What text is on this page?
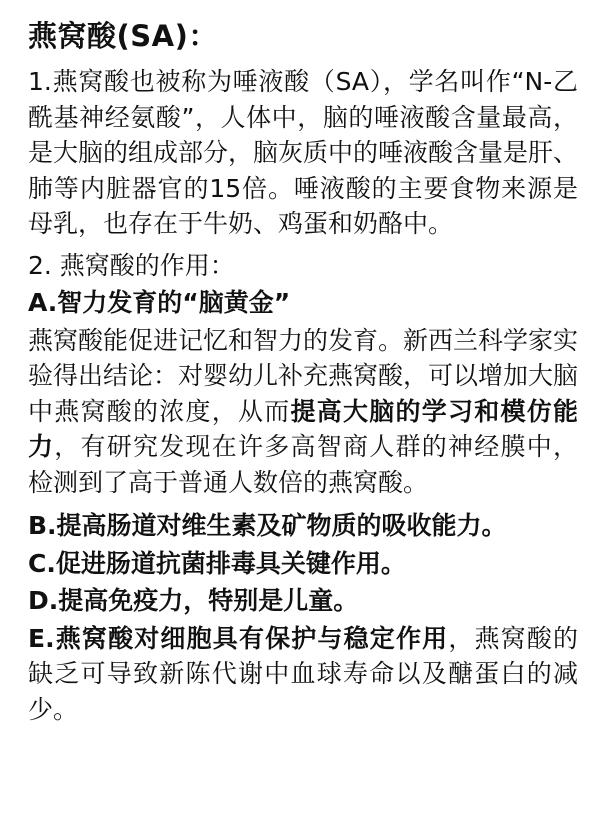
燕窝酸(SA)：

1.燕窝酸也被称为唾液酸（SA），学名叫作“N-乙酰基神经氨酸”，人体中，脑的唾液酸含量最高，是大脑的组成部分，脑灰质中的唾液酸含量是肝、肺等内脏器官的15倍。唾液酸的主要食物来源是母乳，也存在于牛奶、鸡蛋和奶酪中。

2. 燕窝酸的作用：

A.智力发育的“脑黄金”

燕窝酸能促进记忆和智力的发育。新西兰科学家实验得出结论：对婴幼儿补充燕窝酸，可以增加大脑中燕窝酸的浓度，从而提高大脑的学习和模仿能力，有研究发现在许多高智商人群的神经膜中，检测到了高于普通人数倍的燕窝酸。

B.提高肠道对维生素及矿物质的吸收能力。

C.促进肠道抗菌排毒具关键作用。

D.提高免疫力，特别是儿童。

E.燕窝酸对细胞具有保护与稳定作用，燕窝酸的缺乏可导致新陈代谢中血球寿命以及醣蛋白的减少。
